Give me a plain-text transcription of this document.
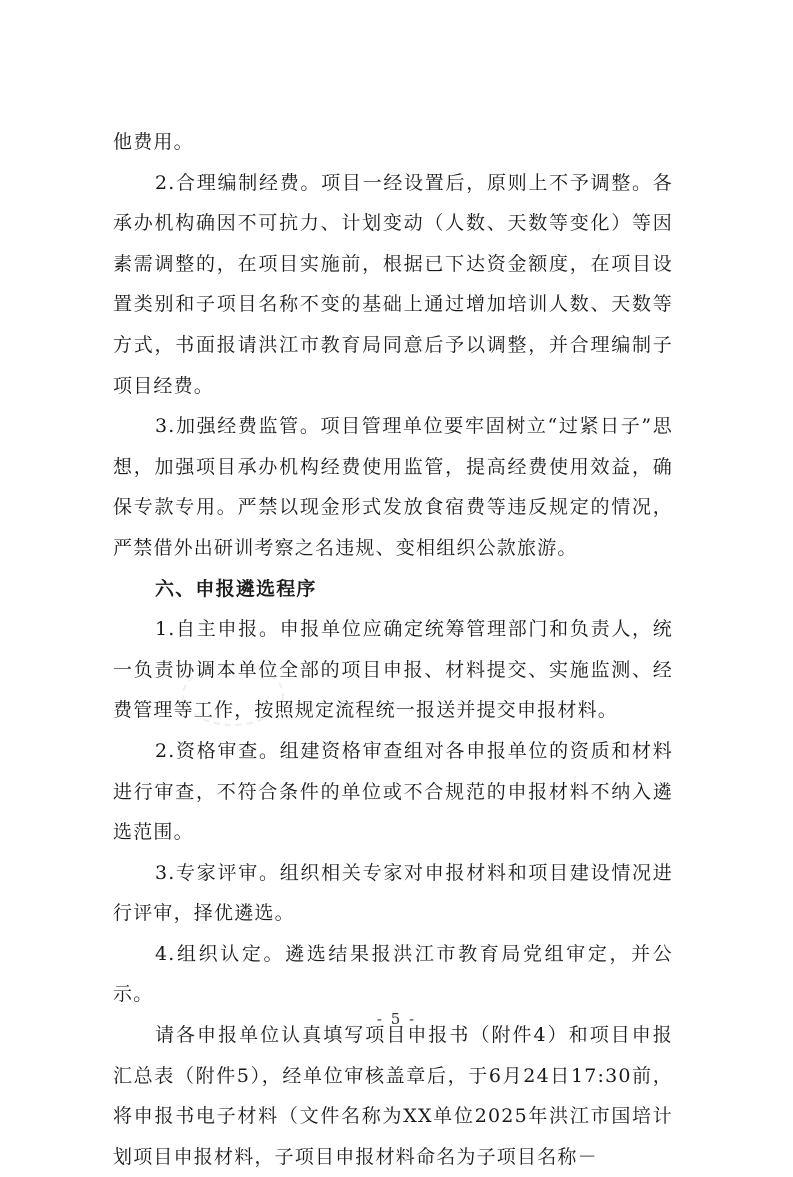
他费用。

2.合理编制经费。项目一经设置后，原则上不予调整。各承办机构确因不可抗力、计划变动（人数、天数等变化）等因素需调整的，在项目实施前，根据已下达资金额度，在项目设置类别和子项目名称不变的基础上通过增加培训人数、天数等方式，书面报请洪江市教育局同意后予以调整，并合理编制子项目经费。

3.加强经费监管。项目管理单位要牢固树立“过紧日子”思想，加强项目承办机构经费使用监管，提高经费使用效益，确保专款专用。严禁以现金形式发放食宿费等违反规定的情况，严禁借外出研训考察之名违规、变相组织公款旅游。

六、申报遴选程序

1.自主申报。申报单位应确定统筹管理部门和负责人，统一负责协调本单位全部的项目申报、材料提交、实施监测、经费管理等工作，按照规定流程统一报送并提交申报材料。

2.资格审查。组建资格审查组对各申报单位的资质和材料进行审查，不符合条件的单位或不合规范的申报材料不纳入遴选范围。

3.专家评审。组织相关专家对申报材料和项目建设情况进行评审，择优遴选。

4.组织认定。遴选结果报洪江市教育局党组审定，并公示。

请各申报单位认真填写项目申报书（附件4）和项目申报汇总表（附件5），经单位审核盖章后，于6月24日17:30前，将申报书电子材料（文件名称为XX单位2025年洪江市国培计划项目申报材料，子项目申报材料命名为子项目名称－

- 5 -
